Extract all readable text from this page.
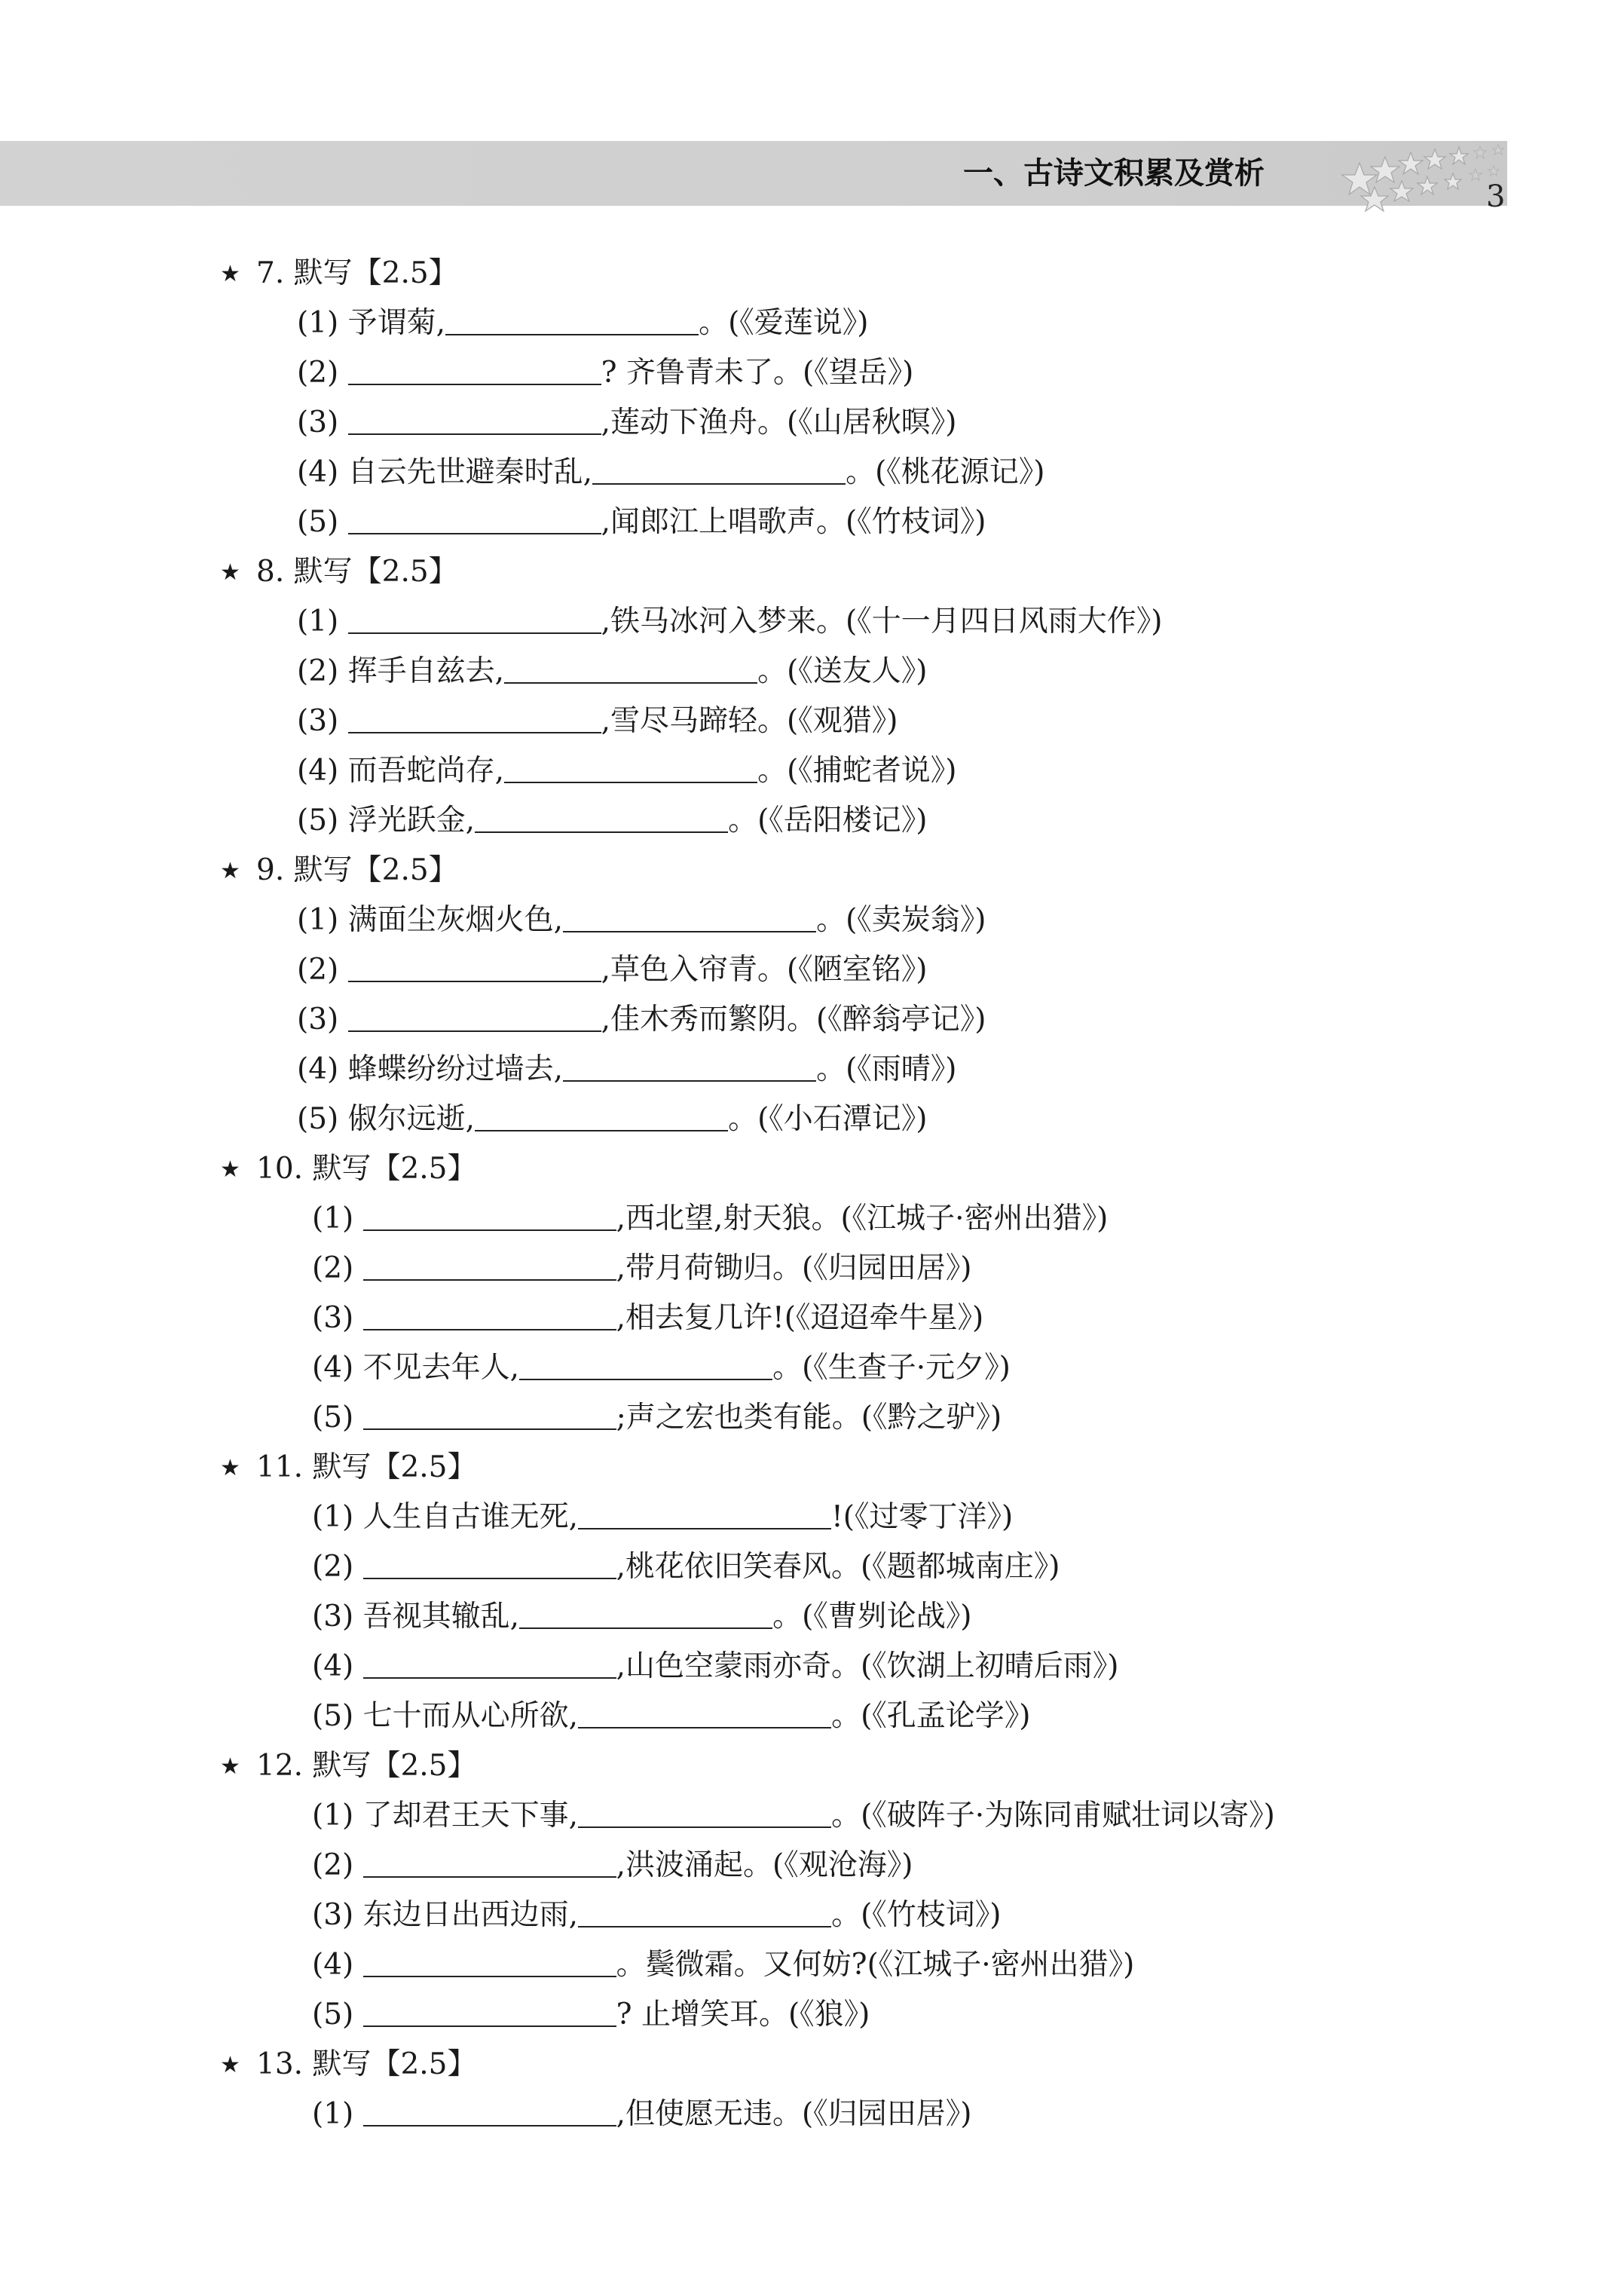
一、古诗文积累及赏析
3
★ 7. 默写【2.5】
(1) 予谓菊,	。(《爱莲说》)
(2)	? 齐鲁青未了。(《望岳》)
(3)	,莲动下渔舟。(《山居秋暝》)
(4) 自云先世避秦时乱,	。(《桃花源记》)
(5)	,闻郎江上唱歌声。(《竹枝词》)
★ 8. 默写【2.5】
(1)	,铁马冰河入梦来。(《十一月四日风雨大作》)
(2) 挥手自兹去,	。(《送友人》)
(3)	,雪尽马蹄轻。(《观猎》)
(4) 而吾蛇尚存,	。(《捕蛇者说》)
(5) 浮光跃金,	。(《岳阳楼记》)
★ 9. 默写【2.5】
(1) 满面尘灰烟火色,	。(《卖炭翁》)
(2)	,草色入帘青。(《陋室铭》)
(3)	,佳木秀而繁阴。(《醉翁亭记》)
(4) 蜂蝶纷纷过墙去,	。(《雨晴》)
(5) 俶尔远逝,	。(《小石潭记》)
★ 10. 默写【2.5】
(1)	,西北望,射天狼。(《江城子·密州出猎》)
(2)	,带月荷锄归。(《归园田居》)
(3)	,相去复几许!(《迢迢牵牛星》)
(4) 不见去年人,	。(《生查子·元夕》)
(5)	;声之宏也类有能。(《黔之驴》)
★ 11. 默写【2.5】
(1) 人生自古谁无死,	!(《过零丁洋》)
(2)	,桃花依旧笑春风。(《题都城南庄》)
(3) 吾视其辙乱,	。(《曹刿论战》)
(4)	,山色空蒙雨亦奇。(《饮湖上初晴后雨》)
(5) 七十而从心所欲,	。(《孔孟论学》)
★ 12. 默写【2.5】
(1) 了却君王天下事,	。(《破阵子·为陈同甫赋壮词以寄》)
(2)	,洪波涌起。(《观沧海》)
(3) 东边日出西边雨,	。(《竹枝词》)
(4)	。鬓微霜。又何妨?(《江城子·密州出猎》)
(5)	? 止增笑耳。(《狼》)
★ 13. 默写【2.5】
(1)	,但使愿无违。(《归园田居》)
